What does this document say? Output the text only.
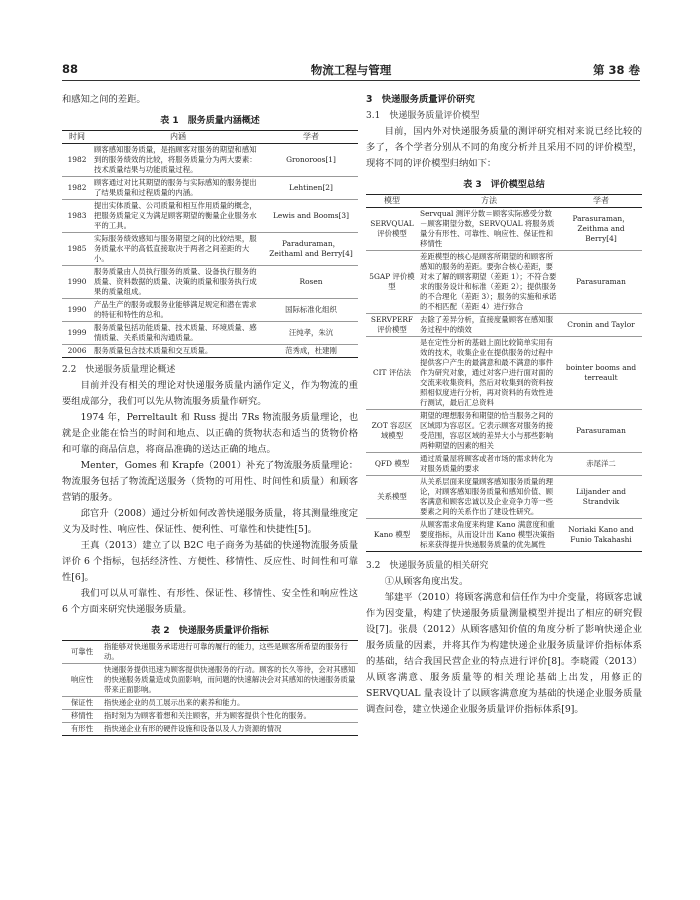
88	物流工程与管理	第 38 卷

和感知之间的差距。

表 1　服务质量内涵概述
时间	内涵	学者
1982	顾客感知服务质量，是指顾客对服务的期望和感知到的服务绩效的比较，将服务质量分为两大要素：技术质量结果与功能质量过程。	Gronoroos[1]
1982	顾客通过对比其期望的服务与实际感知的服务提出了结果质量和过程质量的内涵。	Lehtinen[2]
1983	提出实体质量、公司质量和相互作用质量的概念，把服务质量定义为满足顾客期望的衡量企业服务水平的工具。	Lewis and Booms[3]
1985	实际服务绩效感知与服务期望之间的比较结果，服务质量水平的高低直接取决于两者之间差距的大小。	Paraduraman，Zeithaml and Berry[4]
1990	服务质量由人员执行服务的质量、设备执行服务的质量、资料数据的质量、决策的质量和服务执行成果的质量组成。	Rosen
1990	产品生产的服务或服务业能够满足规定和潜在需求的特征和特性的总和。	国际标准化组织
1999	服务质量包括功能质量、技术质量、环境质量、感情质量、关系质量和沟通质量。	汪纯孝，朱沆
2006	服务质量包含技术质量和交互质量。	范秀成，杜建刚
2.2　快递服务质量理论概述

目前并没有相关的理论对快递服务质量内涵作定义，作为物流的重要组成部分，我们可以先从物流服务质量作研究。

1974 年，Perreltault 和 Russ 提出 7Rs 物流服务质量理论，也就是企业能在恰当的时间和地点、以正确的货物状态和适当的货物价格和可靠的商品信息，将商品准确的送达正确的地点。

Menter，Gomes 和 Krapfe（2001）补充了物流服务质量理论：物流服务包括了物流配送服务（货物的可用性、时间性和质量）和顾客营销的服务。

邱官升（2008）通过分析如何改善快递服务质量，将其测量维度定义为及时性、响应性、保证性、便利性、可靠性和快捷性[5]。

王真（2013）建立了以 B2C 电子商务为基础的快递物流服务质量评价 6 个指标，包括经济性、方便性、移情性、反应性、时间性和可靠性[6]。

我们可以从可靠性、有形性、保证性、移情性、安全性和响应性这 6 个方面来研究快递服务质量。

表 2　快递服务质量评价指标
可靠性	指能够对快递服务承诺进行可靠的履行的能力，这些是顾客所希望的服务行动。
响应性	快递服务提供迅速为顾客提供快递服务的行动。顾客的长久等待，会对其感知的快递服务质量造成负面影响，而问题的快速解决会对其感知的快递服务质量带来正面影响。
保证性	指快递企业的员工展示出来的素养和能力。
移情性	指时刻为为顾客着想和关注顾客，并为顾客提供个性化的服务。
有形性	指快递企业有形的硬件设施和设备以及人力资源的情况
3　快递服务质量评价研究
3.1　快递服务质量评价模型

目前，国内外对快递服务质量的测评研究相对来说已经比较的多了，各个学者分别从不同的角度分析并且采用不同的评价模型，现将不同的评价模型归纳如下：

表 3　评价模型总结
模型	方法	学者
SERVQUAL 评价模型	Servqual 测评分数＝顾客实际感受分数－顾客期望分数，SERVQUAL 将服务质量分有形性、可靠性、响应性、保证性和移情性	Parasuraman，Zeithma and Berry[4]
5GAP 评价模型	差距模型的核心是顾客所期望的和顾客所感知的服务的差距。要弥合核心差距，要对未了解的顾客期望（差距 1）；不符合要求的服务设计和标准（差距 2）；提供服务的不合理化（差距 3）；服务的实施和承诺的不相匹配（差距 4）进行弥合	Parasuraman
SERVPERF 评价模型	去除了差异分析，直接度量顾客在感知服务过程中的绩效	Cronin and Taylor
CIT 评估法	是在定性分析的基础上面比较简单实用有效的技术，收集企业在提供服务的过程中提供客户产生的最满意和最不满意的事件作为研究对象，通过对客户进行面对面的交流来收集资料，然后对收集到的资料按照相似度进行分析，再对资料的有效性进行测试，最后汇总资料	bointer booms and terreault
ZOT 容忍区域模型	期望的理想服务和期望的恰当服务之间的区域即为容忍区。它表示顾客对服务的接受范围，容忍区域的差异大小与那些影响两种期望的因素的相关	Parasuraman
QFD 模型	通过质量屋将顾客或者市场的需求转化为对服务质量的要求	赤尾洋二
关系模型	从关系层面来度量顾客感知服务质量的理论，对顾客感知服务质量和感知价值、顾客满意和顾客忠诚以及企业竞争力等一些要素之间的关系作出了建设性研究。	Liljander and Strandvik
Kano 模型	从顾客需求角度来构建 Kano 满意度和重要度指标，从而设计出 Kano 模型决策指标来获得提升快递服务质量的优先属性	Noriaki Kano and Funio Takahashi
3.2　快递服务质量的相关研究

①从顾客角度出发。

邹建平（2010）将顾客满意和信任作为中介变量，将顾客忠诚作为因变量，构建了快递服务质量测量模型并提出了相应的研究假设[7]。张晨（2012）从顾客感知价值的角度分析了影响快递企业服务质量的因素，并将其作为构建快递企业服务质量评价指标体系的基础，结合我国民营企业的特点进行评价[8]。李晓霞（2013）从顾客满意、服务质量等的相关理论基础上出发，用修正的 SERVQUAL 量表设计了以顾客满意度为基础的快递企业服务质量调查问卷，建立快递企业服务质量评价指标体系[9]。
